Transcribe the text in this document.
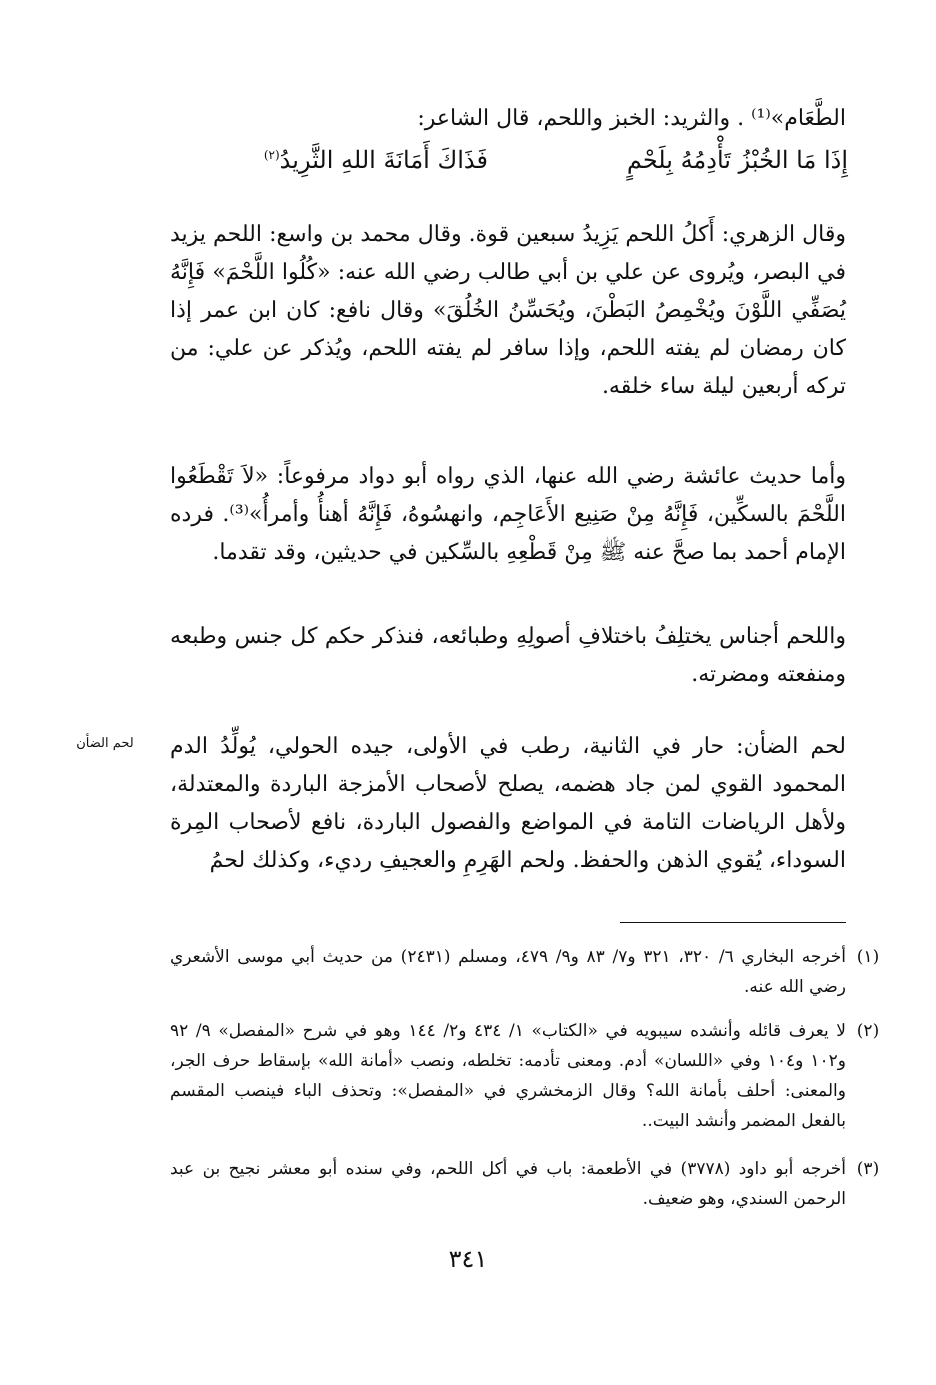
الطَّعَام»⁽¹⁾ . والثريد: الخبز واللحم، قال الشاعر:
إِذَا مَا الخُبْزُ تَأْدِمُهُ بِلَحْمٍفَذَاكَ أَمَانَةَ اللهِ الثَّرِيدُ$^{(٢)}$
وقال الزهري: أَكلُ اللحم يَزِيدُ سبعين قوة. وقال محمد بن واسع: اللحم يزيد في البصر، ويُروى عن علي بن أبي طالب رضي الله عنه: «كُلُوا اللَّحْمَ» فَإِنَّهُ يُصَفِّي اللَّوْنَ ويُخْمِصُ البَطْنَ، ويُحَسِّنُ الخُلُقَ» وقال نافع: كان ابن عمر إذا كان رمضان لم يفته اللحم، وإذا سافر لم يفته اللحم، ويُذكر عن علي: من تركه أربعين ليلة ساء خلقه.
وأما حديث عائشة رضي الله عنها، الذي رواه أبو دواد مرفوعاً: «لاَ تَقْطَعُوا اللَّحْمَ بالسكِّين، فَإِنَّهُ مِنْ صَنِيع الأَعَاجِم، وانهسُوهُ، فَإِنَّهُ أهنأُ وأمرأُ»⁽³⁾. فرده الإمام أحمد بما صحَّ عنه ﷺ مِنْ قَطْعِهِ بالسِّكين في حديثين، وقد تقدما.
واللحم أجناس يختلِفُ باختلافِ أصولِهِ وطبائعه، فنذكر حكم كل جنس وطبعه ومنفعته ومضرته.
لحم الضأن	لحم الضأن: حار في الثانية، رطب في الأولى، جيده الحولي، يُولِّدُ الدم المحمود القوي لمن جاد هضمه، يصلح لأصحاب الأمزجة الباردة والمعتدلة، ولأهل الرياضات التامة في المواضع والفصول الباردة، نافع لأصحاب المِرة السوداء، يُقوي الذهن والحفظ. ولحم الهَرِمِ والعجيفِ رديء، وكذلك لحمُ
(١)
أخرجه البخاري ٦/ ٣٢٠، ٣٢١ و٧/ ٨٣ و٩/ ٤٧٩، ومسلم (٢٤٣١) من حديث أبي موسى الأشعري رضي الله عنه.
(٢)
لا يعرف قائله وأنشده سيبويه في «الكتاب» ١/ ٤٣٤ و٢/ ١٤٤ وهو في شرح «المفصل» ٩/ ٩٢ و١٠٢ و١٠٤ وفي «اللسان» أدم. ومعنى تأدمه: تخلطه، ونصب «أمانة الله» بإسقاط حرف الجر، والمعنى: أحلف بأمانة الله؟ وقال الزمخشري في «المفصل»: وتحذف الباء فينصب المقسم بالفعل المضمر وأنشد البيت..
(٣)
أخرجه أبو داود (٣٧٧٨) في الأطعمة: باب في أكل اللحم، وفي سنده أبو معشر نجيح بن عبد الرحمن السندي، وهو ضعيف.
٣٤١
